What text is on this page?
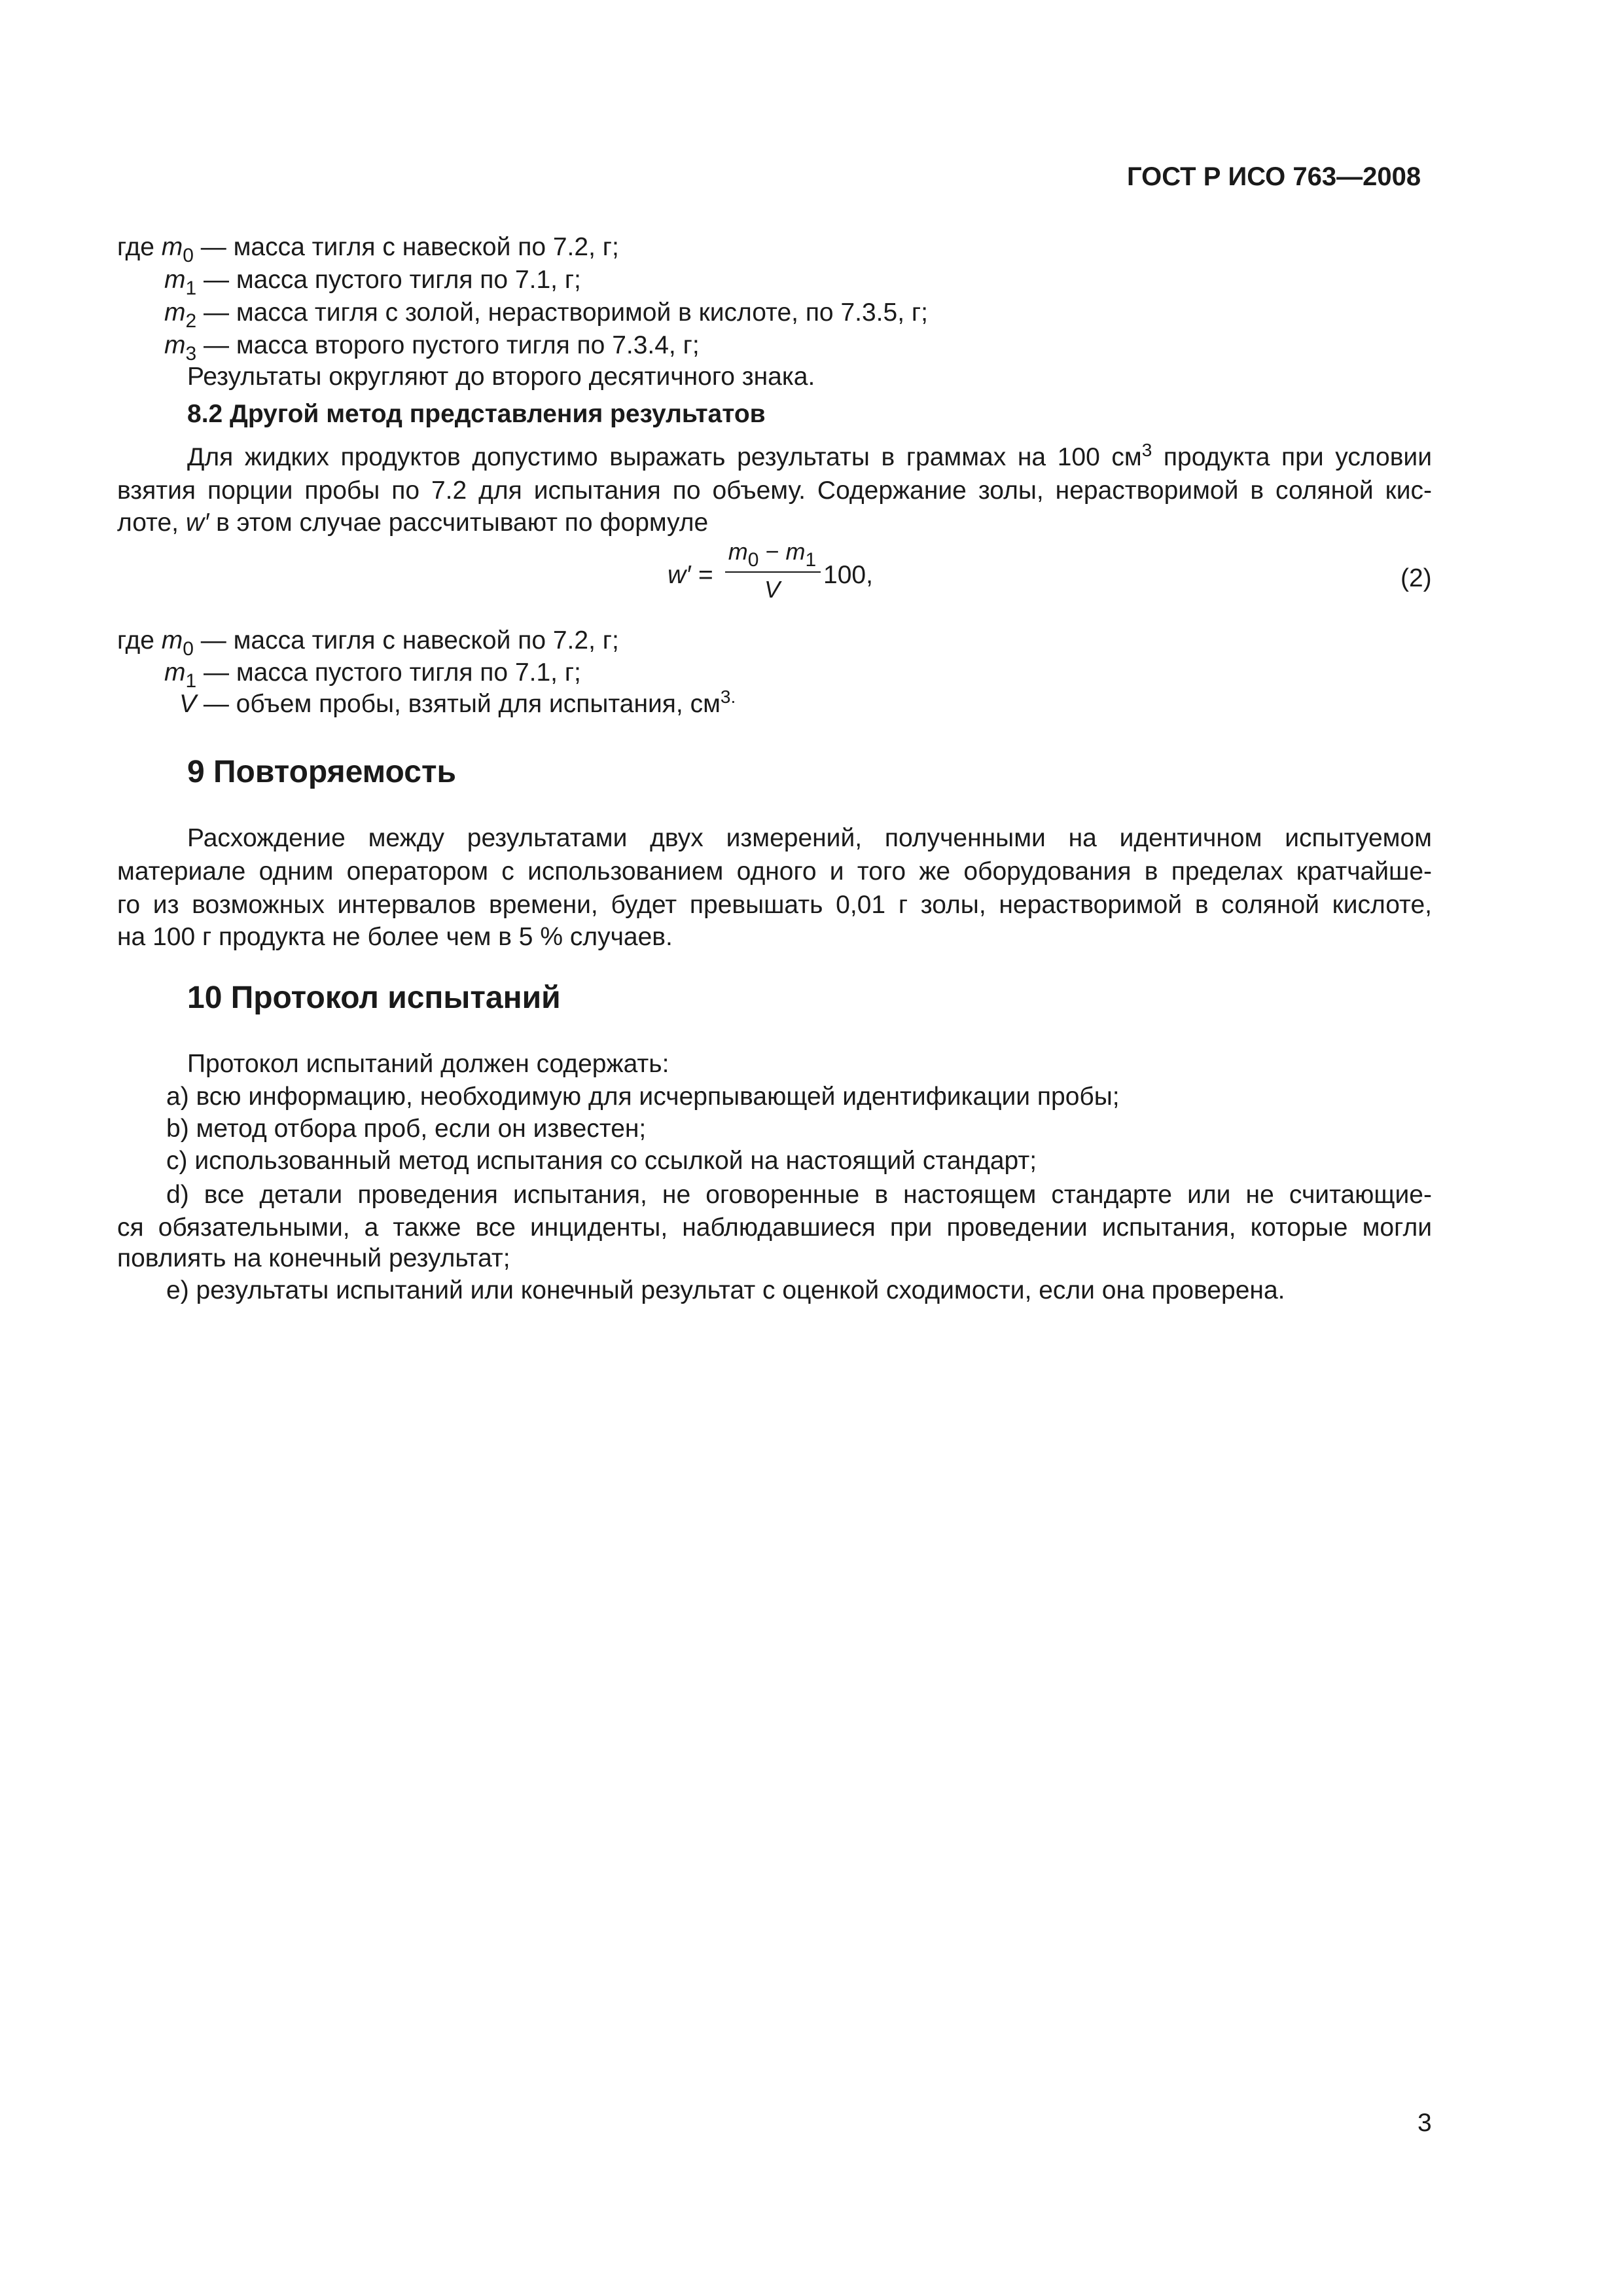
ГОСТ Р ИСО 763—2008
где $m_0$ — масса тигля с навеской по 7.2, г;
$m_1$ — масса пустого тигля по 7.1, г;
$m_2$ — масса тигля с золой, нерастворимой в кислоте, по 7.3.5, г;
$m_3$ — масса второго пустого тигля по 7.3.4, г;
Результаты округляют до второго десятичного знака.
8.2 Другой метод представления результатов
Для жидких продуктов допустимо выражать результаты в граммах на 100 $см^3$ продукта при условии
взятия порции пробы по 7.2 для испытания по объему. Содержание золы, нерастворимой в соляной кис-
лоте, w′ в этом случае рассчитывают по формуле
w′ =
$m_0 - m_1$
V
100,	(2)
где $m_0$ — масса тигля с навеской по 7.2, г;
$m_1$ — масса пустого тигля по 7.1, г;
V — объем пробы, взятый для испытания, $см^{3.}$
9 Повторяемость
Расхождение между результатами двух измерений, полученными на идентичном испытуемом
материале одним оператором с использованием одного и того же оборудования в пределах кратчайше-
го из возможных интервалов времени, будет превышать 0,01 г золы, нерастворимой в соляной кислоте,
на 100 г продукта не более чем в 5 % случаев.
10 Протокол испытаний
Протокол испытаний должен содержать:
a) всю информацию, необходимую для исчерпывающей идентификации пробы;
b) метод отбора проб, если он известен;
c) использованный метод испытания со ссылкой на настоящий стандарт;
d) все детали проведения испытания, не оговоренные в настоящем стандарте или не считающие-
ся обязательными, а также все инциденты, наблюдавшиеся при проведении испытания, которые могли
повлиять на конечный результат;
e) результаты испытаний или конечный результат с оценкой сходимости, если она проверена.
3
